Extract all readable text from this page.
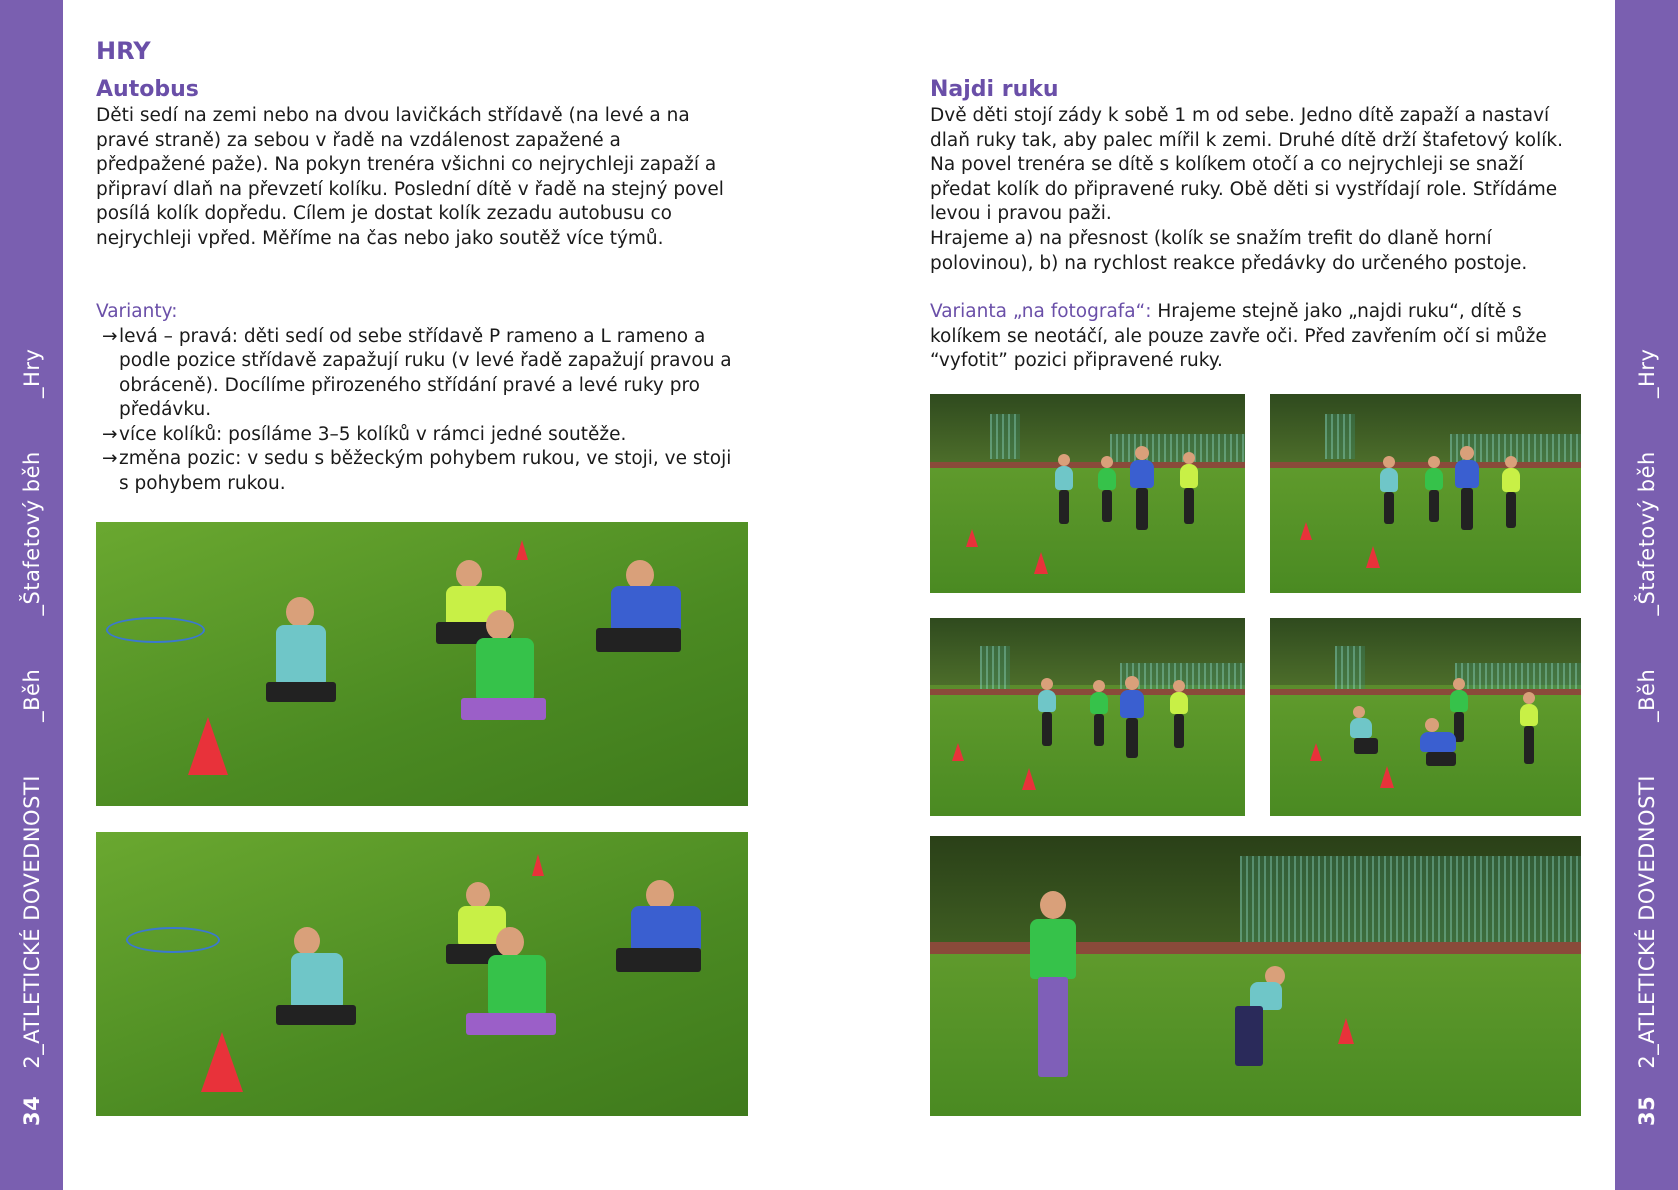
34 2_ATLETICKÉ DOVEDNOSTI _Běh _Štafetový běh _Hry
35 2_ATLETICKÉ DOVEDNOSTI _Běh _Štafetový běh _Hry
HRY
Autobus

Děti sedí na zemi nebo na dvou lavičkách střídavě (na levé a na pravé straně) za sebou v řadě na vzdálenost zapažené a předpažené paže). Na pokyn trenéra všichni co nejrychleji zapaží a připraví dlaň na převzetí kolíku. Poslední dítě v řadě na stejný povel posílá kolík dopředu. Cílem je dostat kolík zezadu autobusu co nejrychleji vpřed. Měříme na čas nebo jako soutěž více týmů.

Varianty:
→ levá – pravá: děti sedí od sebe střídavě P rameno a L rameno a podle pozice střídavě zapažují ruku (v levé řadě zapažují pravou a obráceně). Docílíme přirozeného střídání pravé a levé ruky pro předávku.
→ více kolíků: posíláme 3–5 kolíků v rámci jedné soutěže.
→ změna pozic: v sedu s běžeckým pohybem rukou, ve stoji, ve stoji s pohybem rukou.
Najdi ruku

Dvě děti stojí zády k sobě 1 m od sebe. Jedno dítě zapaží a nastaví dlaň ruky tak, aby palec mířil k zemi. Druhé dítě drží štafetový kolík. Na povel trenéra se dítě s kolíkem otočí a co nejrychleji se snaží předat kolík do připravené ruky. Obě děti si vystřídají role. Střídáme levou i pravou paži.

Hrajeme a) na přesnost (kolík se snažím trefit do dlaně horní polovinou), b) na rychlost reakce předávky do určeného postoje.

Varianta „na fotografa“: Hrajeme stejně jako „najdi ruku“, dítě s kolíkem se neotáčí, ale pouze zavře oči. Před zavřením očí si může “vyfotit” pozici připravené ruky.
